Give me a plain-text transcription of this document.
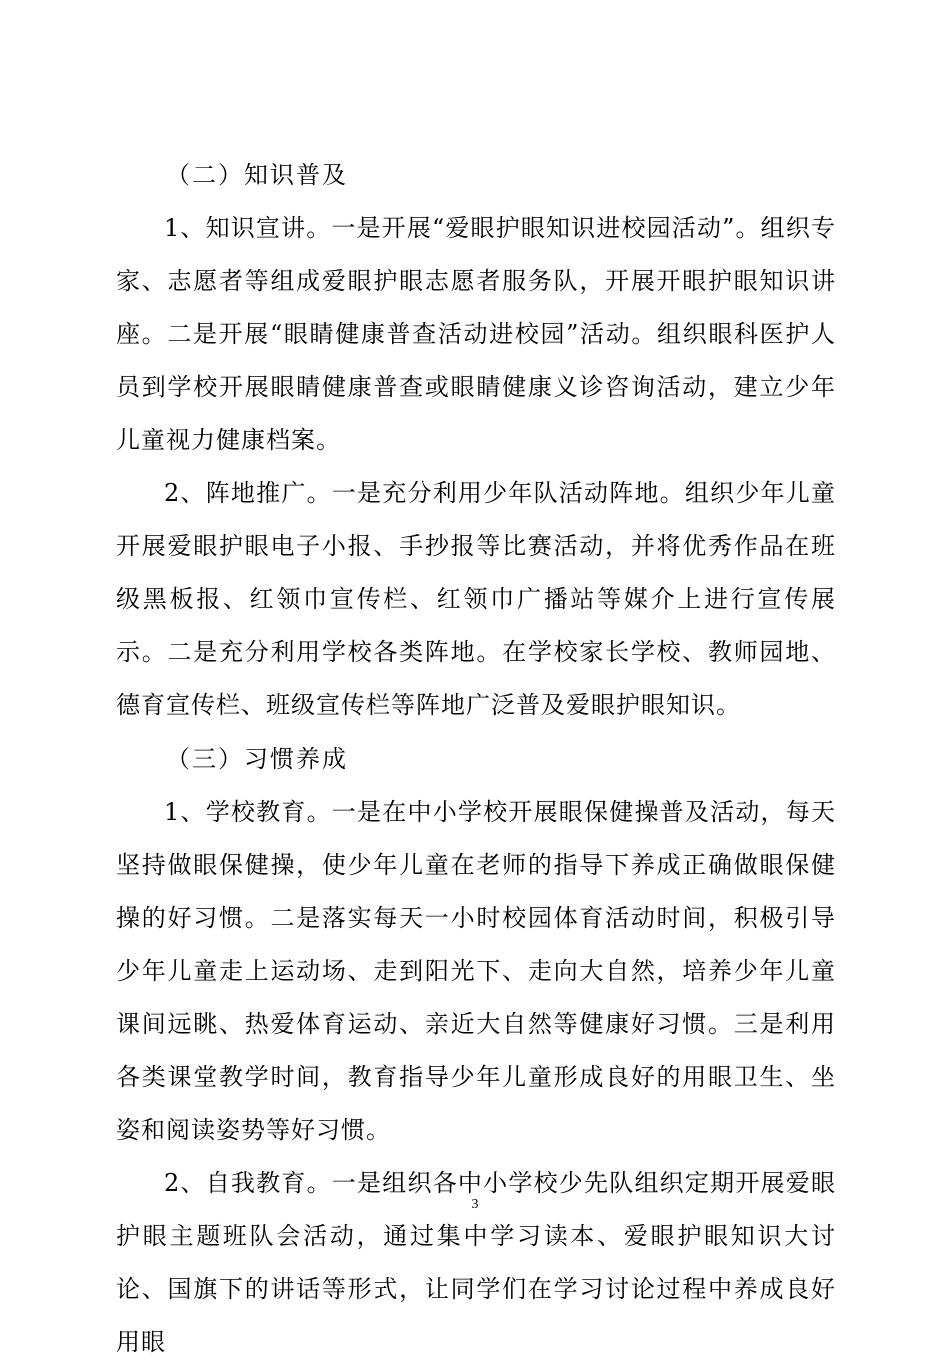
（二）知识普及

1、知识宣讲。一是开展“爱眼护眼知识进校园活动”。组织专家、志愿者等组成爱眼护眼志愿者服务队，开展开眼护眼知识讲座。二是开展“眼睛健康普查活动进校园”活动。组织眼科医护人员到学校开展眼睛健康普查或眼睛健康义诊咨询活动，建立少年儿童视力健康档案。

2、阵地推广。一是充分利用少年队活动阵地。组织少年儿童开展爱眼护眼电子小报、手抄报等比赛活动，并将优秀作品在班级黑板报、红领巾宣传栏、红领巾广播站等媒介上进行宣传展示。二是充分利用学校各类阵地。在学校家长学校、教师园地、德育宣传栏、班级宣传栏等阵地广泛普及爱眼护眼知识。

（三）习惯养成

1、学校教育。一是在中小学校开展眼保健操普及活动，每天坚持做眼保健操，使少年儿童在老师的指导下养成正确做眼保健操的好习惯。二是落实每天一小时校园体育活动时间，积极引导少年儿童走上运动场、走到阳光下、走向大自然，培养少年儿童课间远眺、热爱体育运动、亲近大自然等健康好习惯。三是利用各类课堂教学时间，教育指导少年儿童形成良好的用眼卫生、坐姿和阅读姿势等好习惯。

2、自我教育。一是组织各中小学校少先队组织定期开展爱眼护眼主题班队会活动，通过集中学习读本、爱眼护眼知识大讨论、国旗下的讲话等形式，让同学们在学习讨论过程中养成良好用眼

3
